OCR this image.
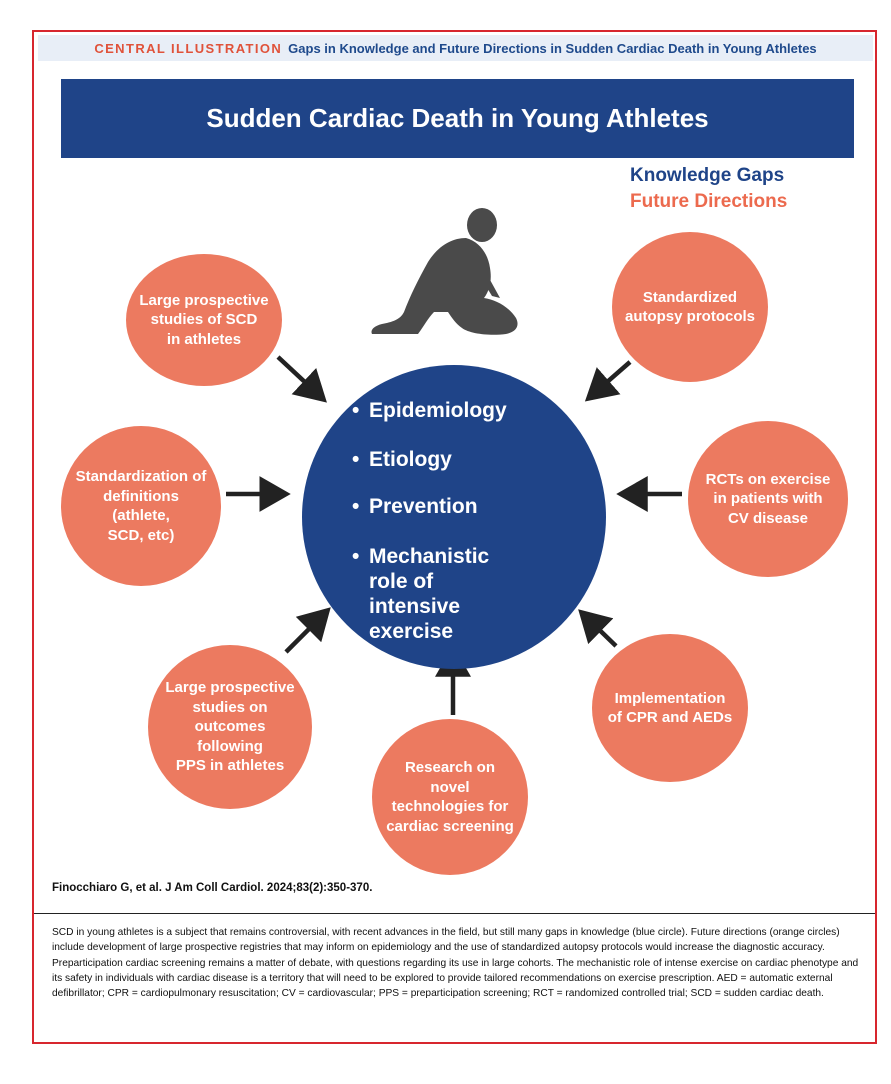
CENTRAL ILLUSTRATION Gaps in Knowledge and Future Directions in Sudden Cardiac Death in Young Athletes
Sudden Cardiac Death in Young Athletes
Knowledge Gaps
Future Directions
Large prospective
studies of SCD
in athletes
Standardization of
definitions (athlete,
SCD, etc)
Large prospective
studies on outcomes
following
PPS in athletes	Research on novel
technologies for
cardiac screening
Implementation
of CPR and AEDs
RCTs on exercise
in patients with
CV disease
Standardized
autopsy protocols
• Epidemiology
• Etiology
• Prevention
• Mechanistic role of
intensive exercise
Finocchiaro G, et al. J Am Coll Cardiol. 2024;83(2):350-370.
SCD in young athletes is a subject that remains controversial, with recent advances in the field, but still many gaps in knowledge (blue circle). Future directions (orange circles) include development of large prospective registries that may inform on epidemiology and the use of standardized autopsy protocols would increase the diagnostic accuracy. Preparticipation cardiac screening remains a matter of debate, with questions regarding its use in large cohorts. The mechanistic role of intense exercise on cardiac phenotype and its safety in individuals with cardiac disease is a territory that will need to be explored to provide tailored recommendations on exercise prescription. AED = automatic external defibrillator; CPR = cardiopulmonary resuscitation; CV = cardiovascular; PPS = preparticipation screening; RCT = randomized controlled trial; SCD = sudden cardiac death.
